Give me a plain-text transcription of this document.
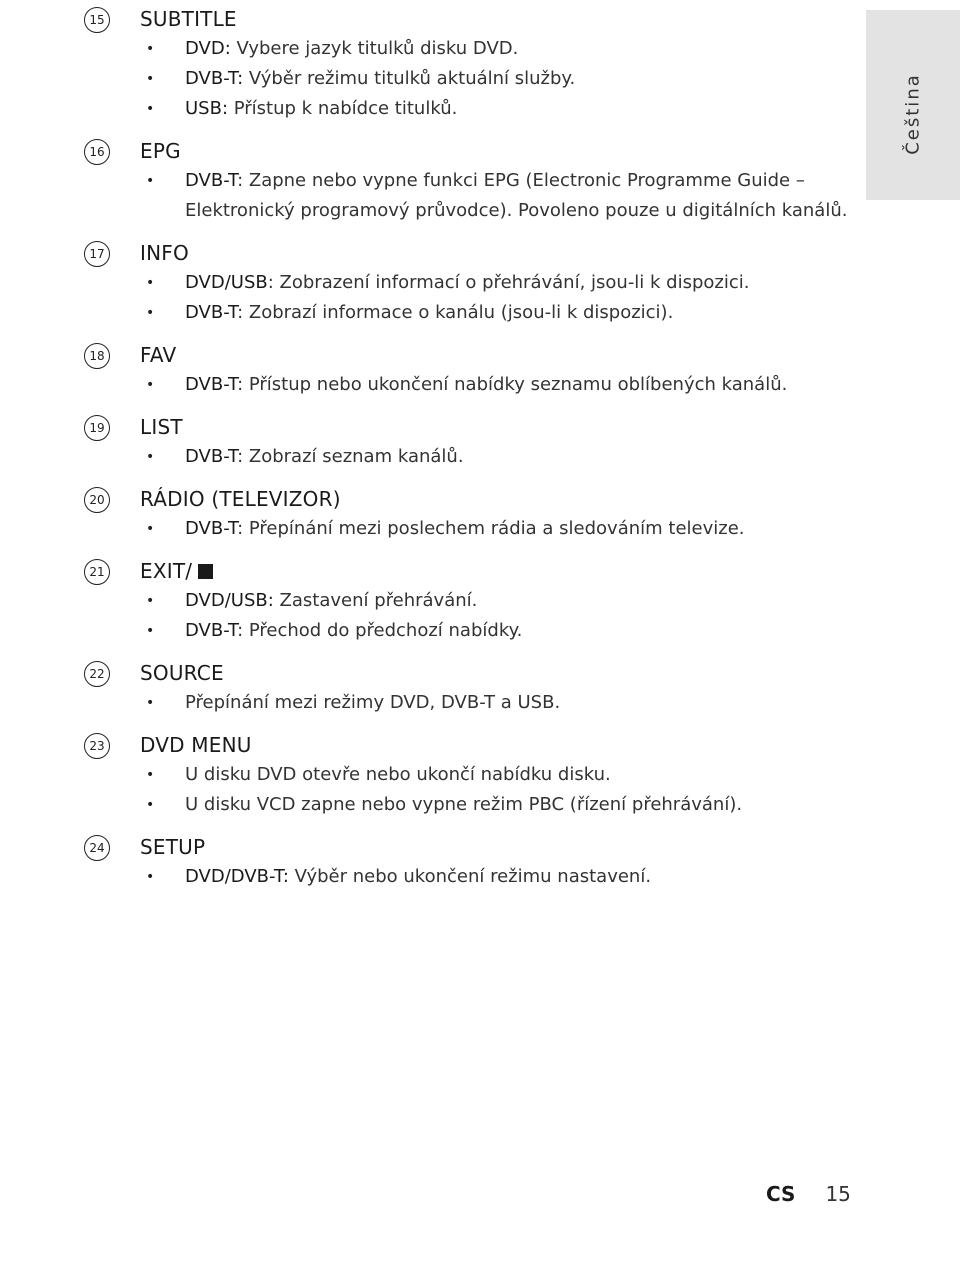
Čeština
15 SUBTITLE
• DVD: Vybere jazyk titulků disku DVD.
• DVB-T: Výběr režimu titulků aktuální služby.
• USB: Přístup k nabídce titulků.
16 EPG
• DVB-T: Zapne nebo vypne funkci EPG (Electronic Programme Guide – Elektronický programový průvodce). Povoleno pouze u digitálních kanálů.
17 INFO
• DVD/USB: Zobrazení informací o přehrávání, jsou-li k dispozici.
• DVB-T: Zobrazí informace o kanálu (jsou-li k dispozici).
18 FAV
• DVB-T: Přístup nebo ukončení nabídky seznamu oblíbených kanálů.
19 LIST
• DVB-T: Zobrazí seznam kanálů.
20 RÁDIO (TELEVIZOR)
• DVB-T: Přepínání mezi poslechem rádia a sledováním televize.
21 EXIT/
• DVD/USB: Zastavení přehrávání.
• DVB-T: Přechod do předchozí nabídky.
22 SOURCE
• Přepínání mezi režimy DVD, DVB-T a USB.
23 DVD MENU
• U disku DVD otevře nebo ukončí nabídku disku.
• U disku VCD zapne nebo vypne režim PBC (řízení přehrávání).
24 SETUP
• DVD/DVB-T: Výběr nebo ukončení režimu nastavení.
CS 15
